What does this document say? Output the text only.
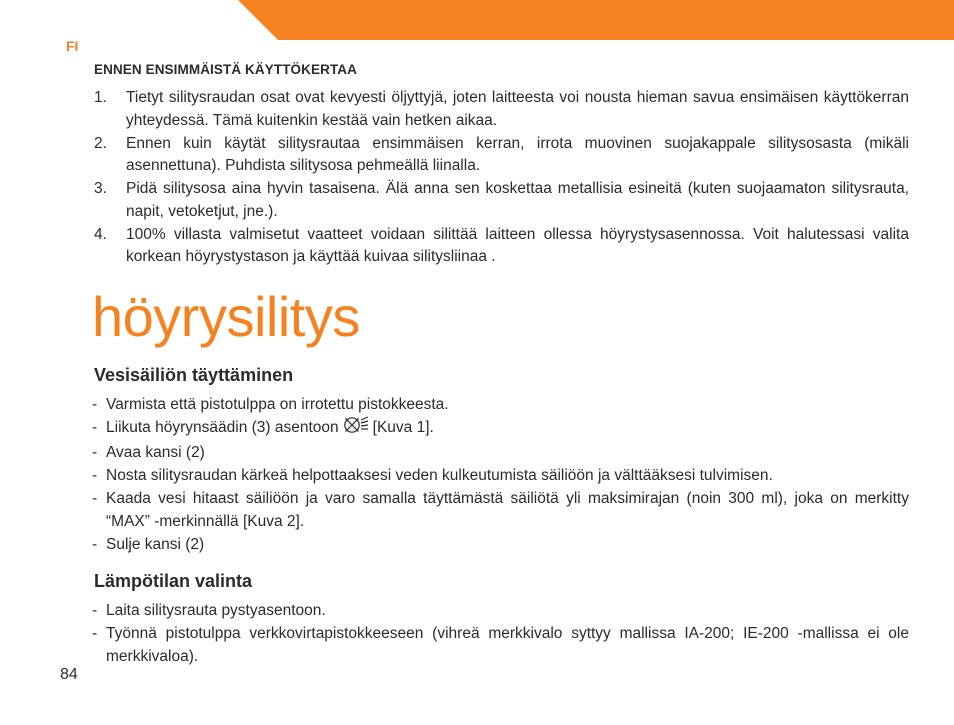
FI
ENNEN ENSIMMÄISTÄ KÄYTTÖKERTAA
1. Tietyt silitysraudan osat ovat kevyesti öljyttyjä, joten laitteesta voi nousta hieman savua ensimäisen käyttökerran yhteydessä. Tämä kuitenkin kestää vain hetken aikaa.
2. Ennen kuin käytät silitysrautaa ensimmäisen kerran, irrota muovinen suojakappale silitysosasta (mikäli asennettuna). Puhdista silitysosa pehmeällä liinalla.
3. Pidä silitysosa aina hyvin tasaisena. Älä anna sen koskettaa metallisia esineitä (kuten suojaamaton silitysrauta, napit, vetoketjut, jne.).
4. 100% villasta valmisetut vaatteet voidaan silittää laitteen ollessa höyrystysasennossa. Voit halutessasi valita korkean höyrystystason ja käyttää kuivaa silitysliinaa .
höyrysilitys
Vesisäiliön täyttäminen
- Varmista että pistotulppa on irrotettu pistokkeesta.
- Liikuta höyrynsäädin (3) asentoon [Kuva 1].
- Avaa kansi (2)
- Nosta silitysraudan kärkeä helpottaaksesi veden kulkeutumista säiliöön ja välttääksesi tulvimisen.
- Kaada vesi hitaast säiliöön ja varo samalla täyttämästä säiliötä yli maksimirajan (noin 300 ml), joka on merkitty “MAX” -merkinnällä [Kuva 2].
- Sulje kansi (2)
Lämpötilan valinta
- Laita silitysrauta pystyasentoon.
- Työnnä pistotulppa verkkovirtapistokkeeseen (vihreä merkkivalo syttyy mallissa IA-200; IE-200 -mallissa ei ole merkkivaloa).
84
